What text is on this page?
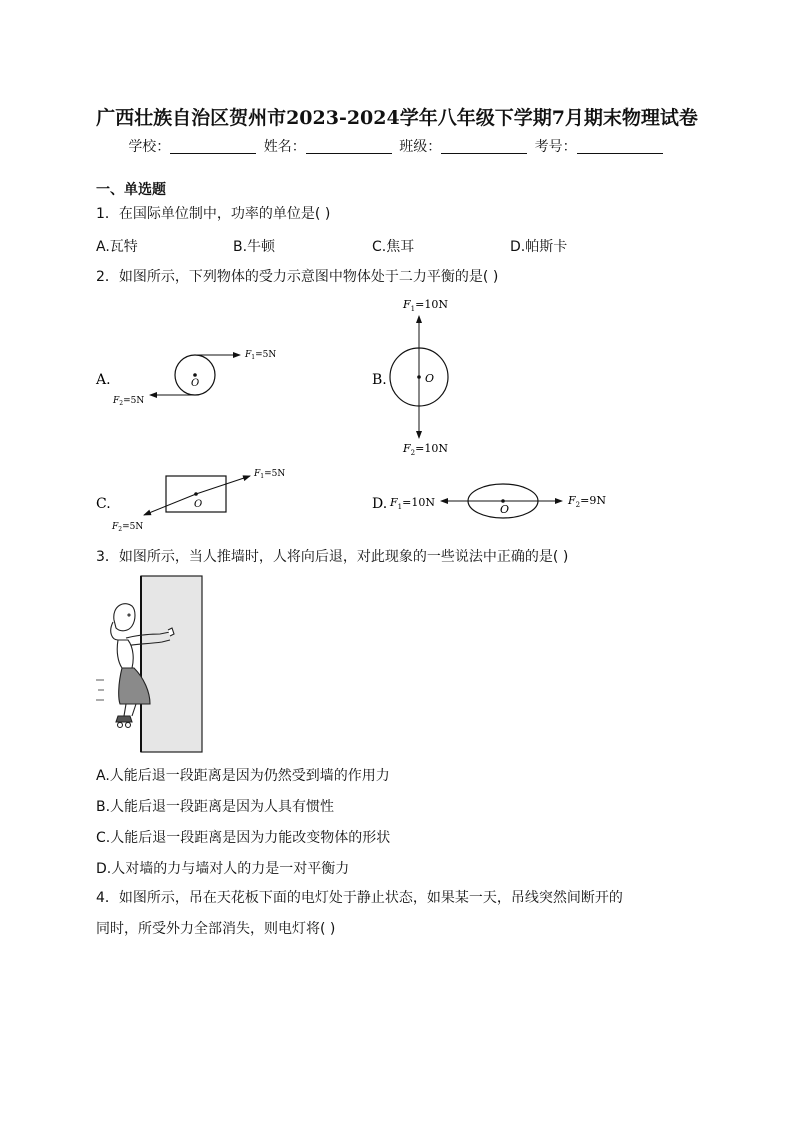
广西壮族自治区贺州市2023-2024学年八年级下学期7月期末物理试卷
学校：	姓名：	班级：	考号：
一、单选题
1．在国际单位制中，功率的单位是( )
A.瓦特	B.牛顿	C.焦耳	D.帕斯卡
2．如图所示，下列物体的受力示意图中物体处于二力平衡的是( )
A.	B.
C.	D.
O
$F_1=5N$
$F_2=5N$
O
$F_1=10N$
$F_2=10N$
O
$F_1=5N$
$F_2=5N$
O
$F_1=10N$	$F_2=9N$
3．如图所示，当人推墙时，人将向后退，对此现象的一些说法中正确的是( )
A.人能后退一段距离是因为仍然受到墙的作用力
B.人能后退一段距离是因为人具有惯性
C.人能后退一段距离是因为力能改变物体的形状
D.人对墙的力与墙对人的力是一对平衡力
4．如图所示，吊在天花板下面的电灯处于静止状态，如果某一天，吊线突然间断开的
同时，所受外力全部消失，则电灯将( )
